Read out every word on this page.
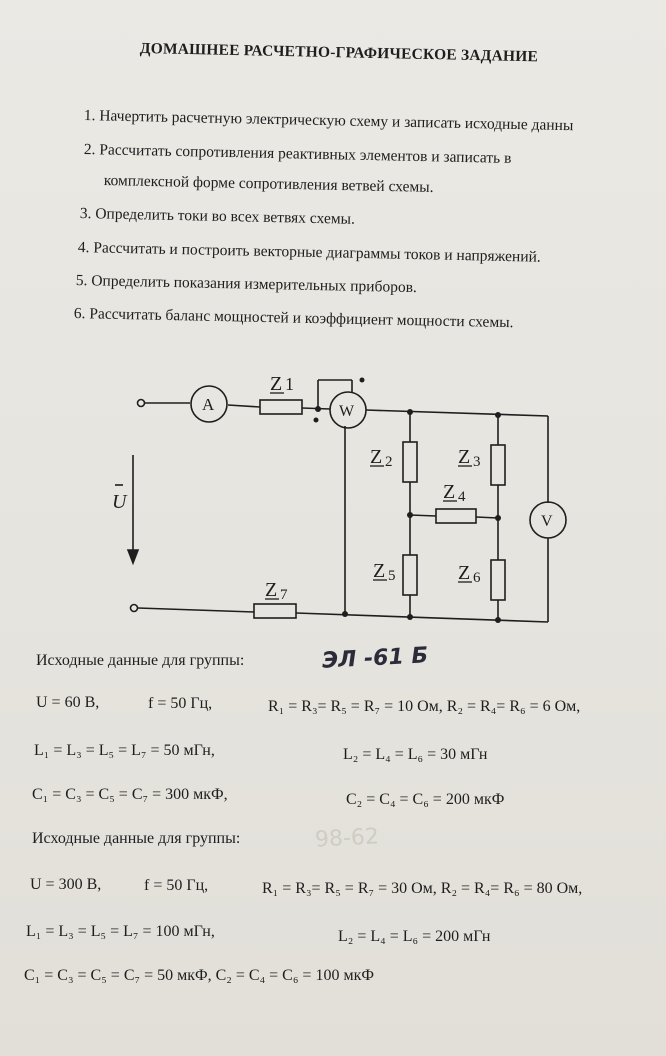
ДОМАШНЕЕ РАСЧЕТНО-ГРАФИЧЕСКОЕ ЗАДАНИЕ
1. Начертить расчетную электрическую схему и записать исходные данны
2. Рассчитать сопротивления реактивных элементов и записать в
комплексной форме сопротивления ветвей схемы.
3. Определить токи во всех ветвях схемы.
4. Рассчитать и построить векторные диаграммы токов и напряжений.
5. Определить показания измерительных приборов.
6. Рассчитать баланс мощностей и коэффициент мощности схемы.
A	W
V
Z 1
Z 2	Z 3
Z 4
Z 5	Z 6
Z 7
U
Исходные данные для группы:	ЭЛ -61 Б
U = 60 В,	f = 50 Гц,	R₁ = R₃= R₅ = R₇ = 10 Ом, R₂ = R₄= R₆ = 6 Ом,
L₁ = L₃ = L₅ = L₇ = 50 мГн,	L₂ = L₄ = L₆ = 30 мГн
C₁ = C₃ = C₅ = C₇ = 300 мкФ,	C₂ = C₄ = C₆ = 200 мкФ
Исходные данные для группы:	98-62
U = 300 В,	f = 50 Гц,	R₁ = R₃= R₅ = R₇ = 30 Ом, R₂ = R₄= R₆ = 80 Ом,
L₁ = L₃ = L₅ = L₇ = 100 мГн,	L₂ = L₄ = L₆ = 200 мГн
C₁ = C₃ = C₅ = C₇ = 50 мкФ, C₂ = C₄ = C₆ = 100 мкФ
